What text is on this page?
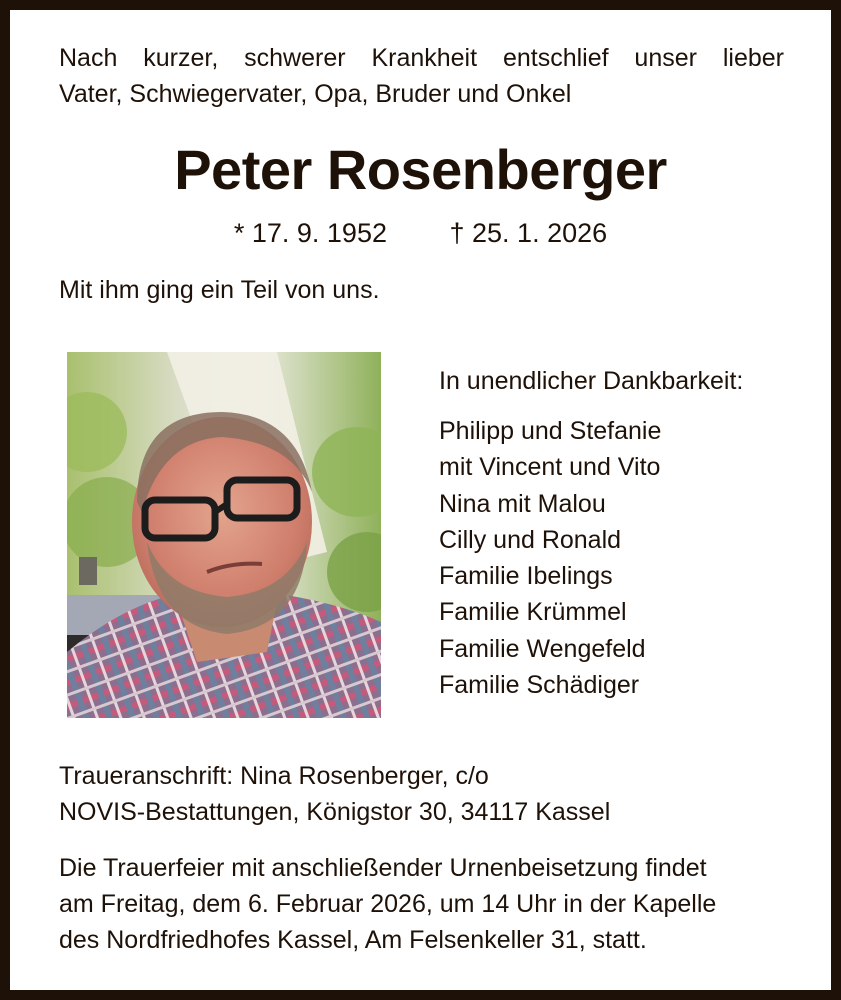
Nach kurzer, schwerer Krankheit entschlief unser lieber
Vater, Schwiegervater, Opa, Bruder und Onkel
Peter Rosenberger
* 17. 9. 1952 † 25. 1. 2026
Mit ihm ging ein Teil von uns.
In unendlicher Dankbarkeit:
Philipp und Stefanie
mit Vincent und Vito
Nina mit Malou
Cilly und Ronald
Familie Ibelings
Familie Krümmel
Familie Wengefeld
Familie Schädiger
Traueranschrift: Nina Rosenberger, c/o
NOVIS-Bestattungen, Königstor 30, 34117 Kassel
Die Trauerfeier mit anschließender Urnenbeisetzung findet
am Freitag, dem 6. Februar 2026, um 14 Uhr in der Kapelle
des Nordfriedhofes Kassel, Am Felsenkeller 31, statt.
